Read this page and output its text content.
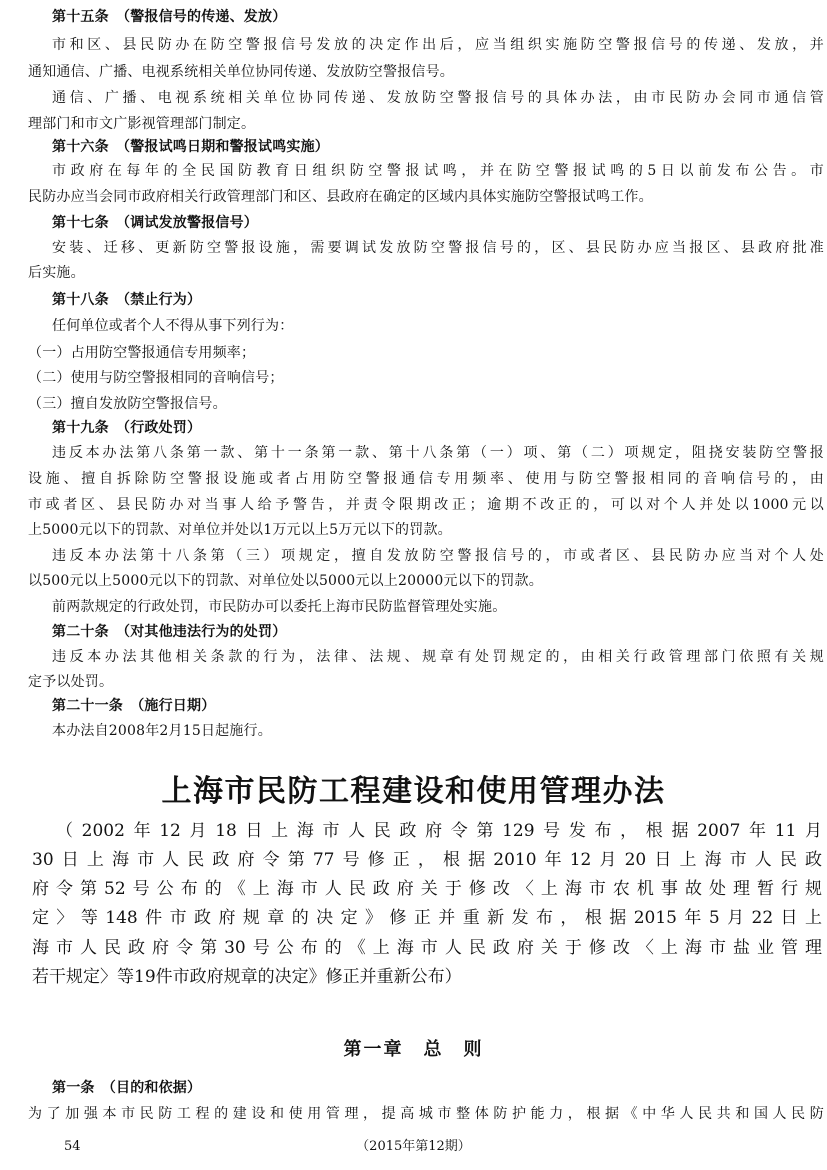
第十五条　（警报信号的传递、发放）
市和区、县民防办在防空警报信号发放的决定作出后，应当组织实施防空警报信号的传递、发放，并
通知通信、广播、电视系统相关单位协同传递、发放防空警报信号。
通信、广播、电视系统相关单位协同传递、发放防空警报信号的具体办法，由市民防办会同市通信管
理部门和市文广影视管理部门制定。
第十六条　（警报试鸣日期和警报试鸣实施）
市政府在每年的全民国防教育日组织防空警报试鸣，并在防空警报试鸣的5日以前发布公告。市
民防办应当会同市政府相关行政管理部门和区、县政府在确定的区域内具体实施防空警报试鸣工作。
第十七条　（调试发放警报信号）
安装、迁移、更新防空警报设施，需要调试发放防空警报信号的，区、县民防办应当报区、县政府批准
后实施。
第十八条　（禁止行为）
任何单位或者个人不得从事下列行为：
（一）占用防空警报通信专用频率；
（二）使用与防空警报相同的音响信号；
（三）擅自发放防空警报信号。
第十九条　（行政处罚）
违反本办法第八条第一款、第十一条第一款、第十八条第（一）项、第（二）项规定，阻挠安装防空警报
设施、擅自拆除防空警报设施或者占用防空警报通信专用频率、使用与防空警报相同的音响信号的，由
市或者区、县民防办对当事人给予警告，并责令限期改正；逾期不改正的，可以对个人并处以1000元以
上5000元以下的罚款、对单位并处以1万元以上5万元以下的罚款。
违反本办法第十八条第（三）项规定，擅自发放防空警报信号的，市或者区、县民防办应当对个人处
以500元以上5000元以下的罚款、对单位处以5000元以上20000元以下的罚款。
前两款规定的行政处罚，市民防办可以委托上海市民防监督管理处实施。
第二十条　（对其他违法行为的处罚）
违反本办法其他相关条款的行为，法律、法规、规章有处罚规定的，由相关行政管理部门依照有关规
定予以处罚。
第二十一条　（施行日期）
本办法自2008年2月15日起施行。
上海市民防工程建设和使用管理办法
（2002年12月18日上海市人民政府令第129号发布，根据2007年11月
30日上海市人民政府令第77号修正，根据2010年12月20日上海市人民政
府令第52号公布的《上海市人民政府关于修改〈上海市农机事故处理暂行规
定〉等148件市政府规章的决定》修正并重新发布，根据2015年5月22日上
海市人民政府令第30号公布的《上海市人民政府关于修改〈上海市盐业管理
若干规定〉等19件市政府规章的决定》修正并重新公布）
第一章　总　则
第一条　（目的和依据）
为了加强本市民防工程的建设和使用管理，提高城市整体防护能力，根据《中华人民共和国人民防
54	（2015年第12期）
